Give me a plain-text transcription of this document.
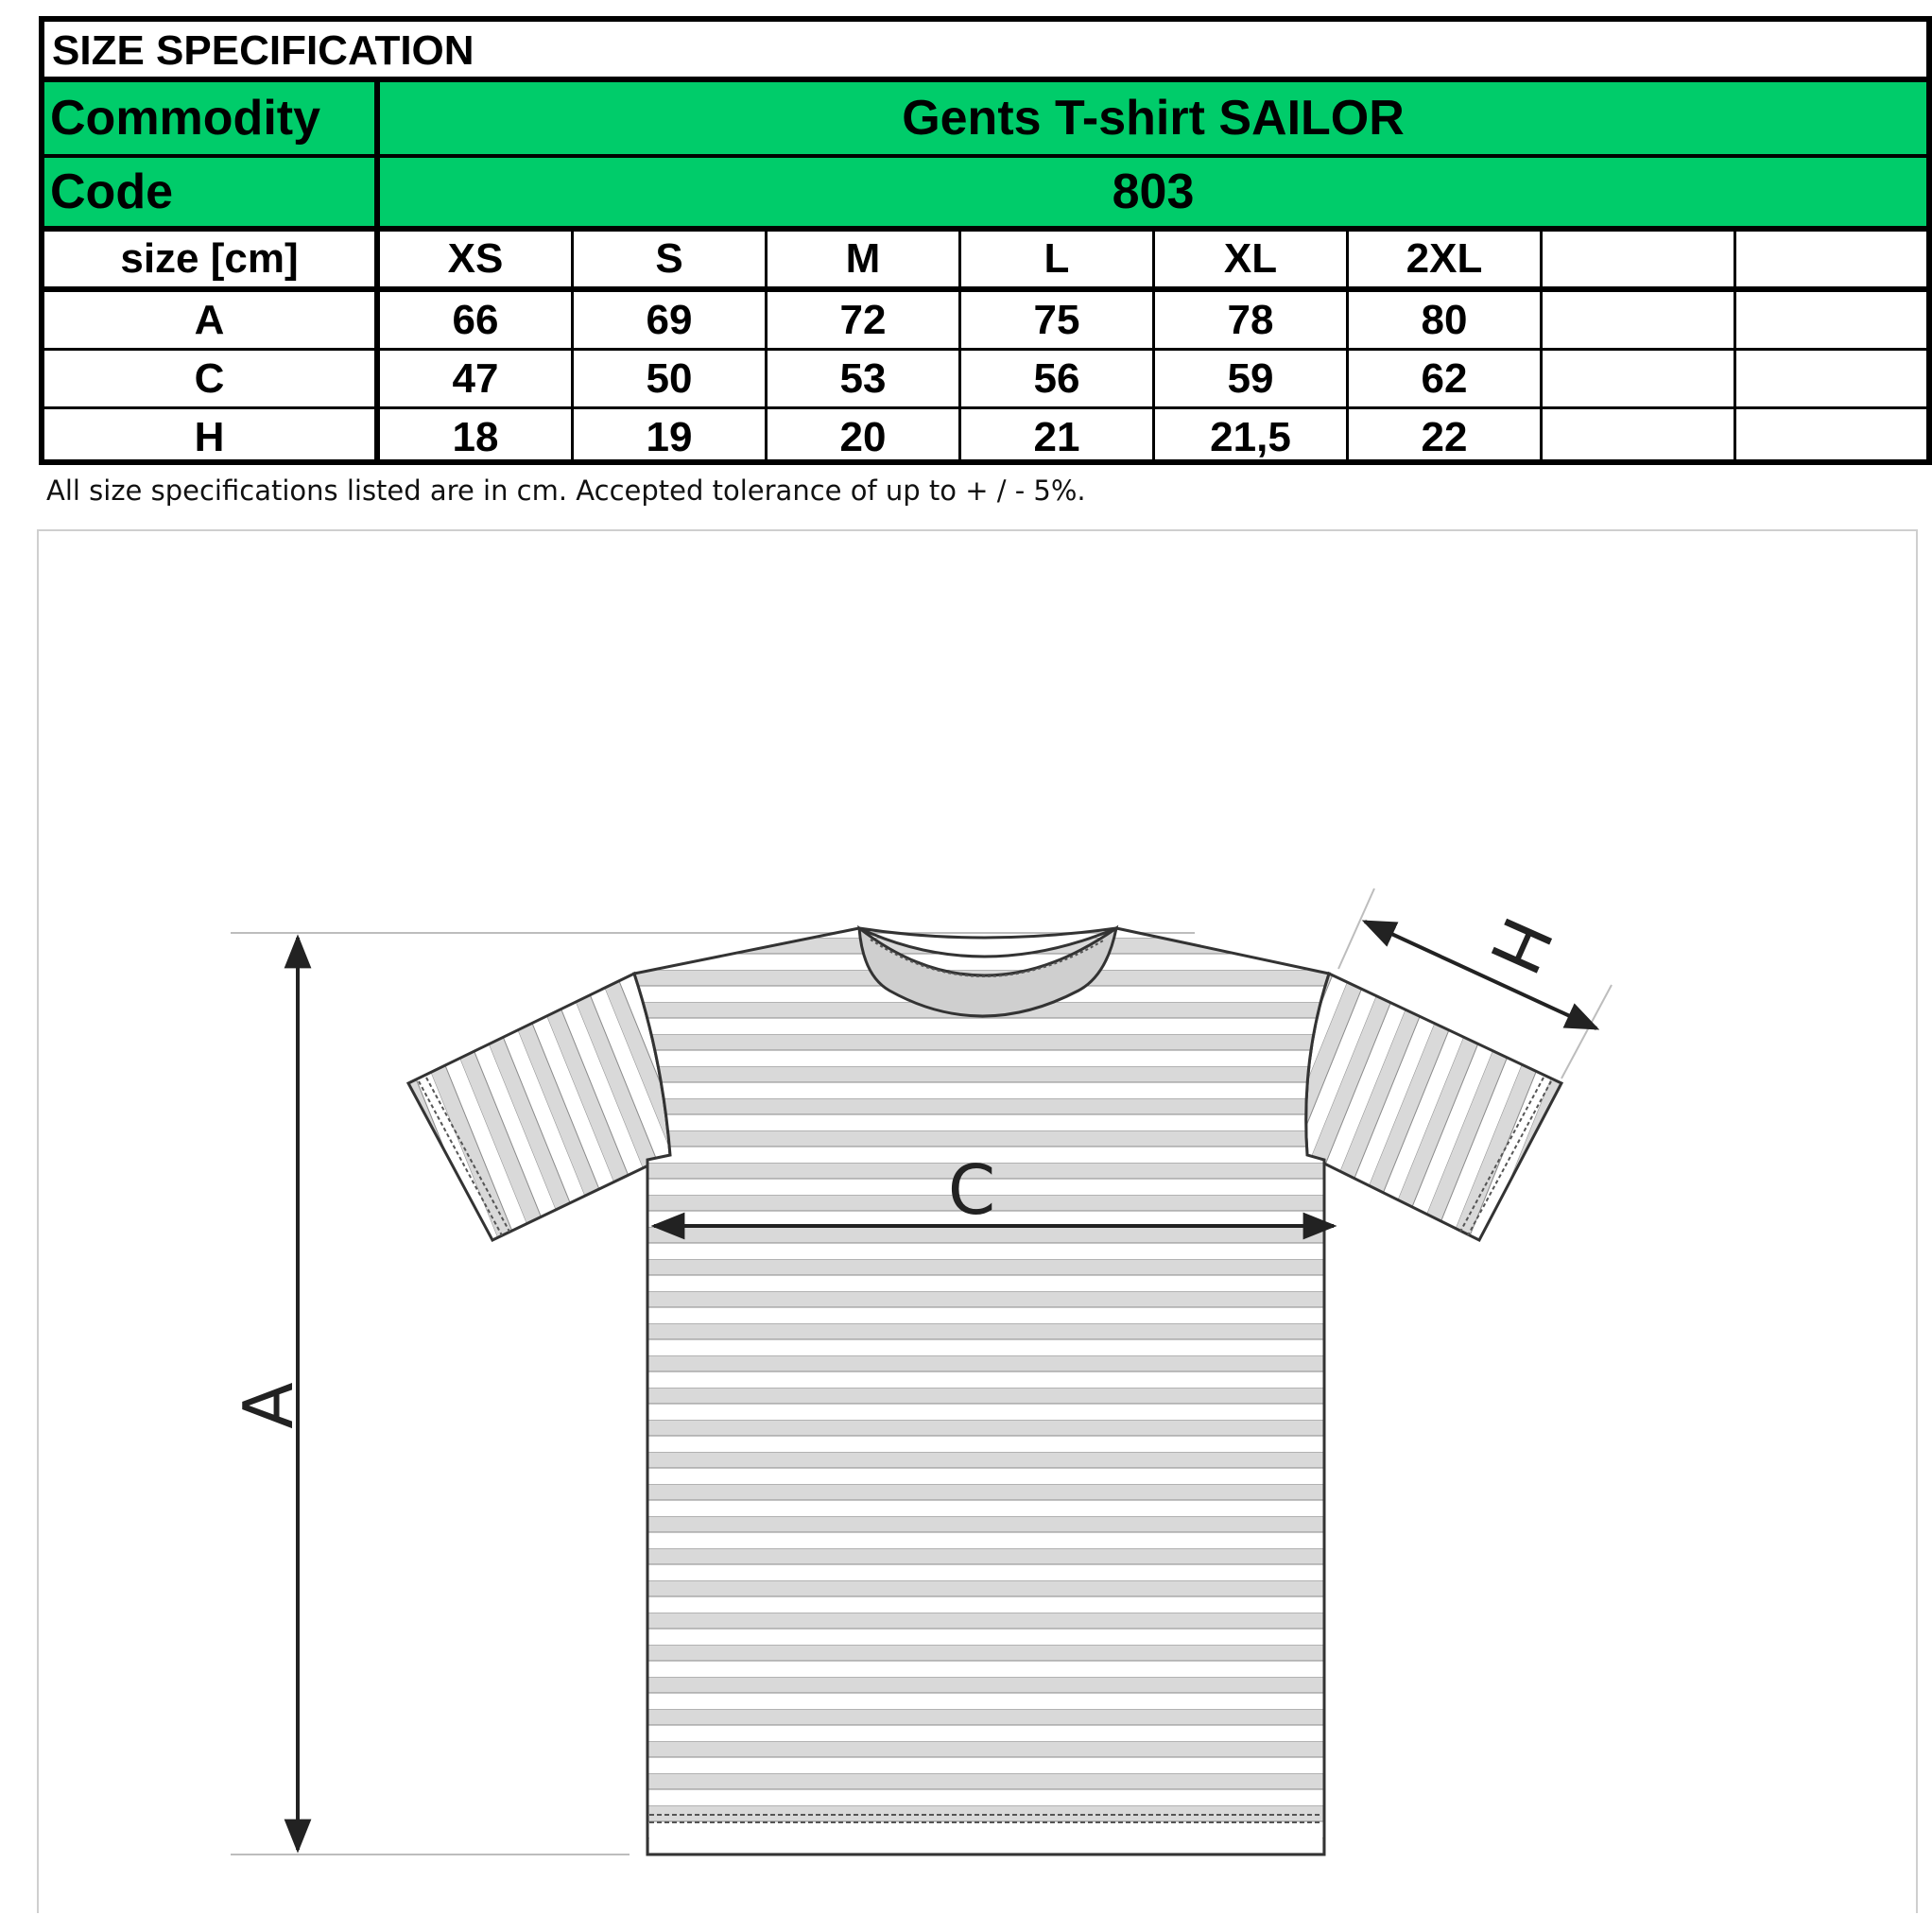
SIZE SPECIFICATION
Commodity	Gents T-shirt SAILOR
Code	803
size [cm]	XS	S	M	L	XL	2XL
A	66	69	72	75	78	80
C	47	50	53	56	59	62
H	18	19	20	21	21,5	22
All size specifications listed are in cm. Accepted tolerance of up to + / - 5%.
A
C
H
